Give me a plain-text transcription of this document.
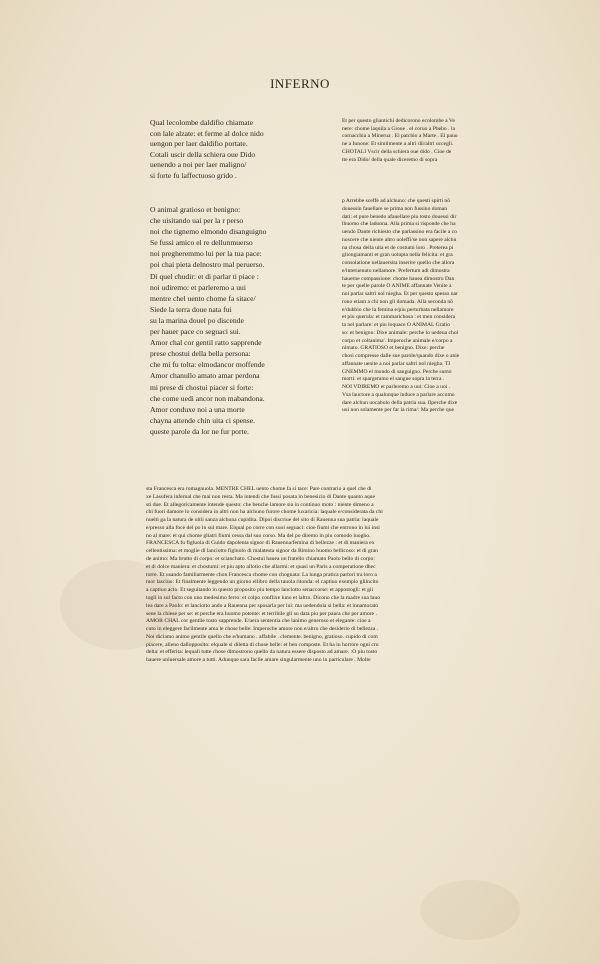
INFERNO
Qual lecolombe daldifio chiamate
con lale alzate: et ferme al dolce nido
uengon per laer daldifio portate.
Cotali uscir della schiera oue Dido
uenendo a noi per laer maligno/
si forte fu laffectuoso grido .
Et per questo gliantichi dedicorono ecolombe a Ve
nere: chome laquila a Gioue . el coruo a Phebo . la
cornacchia a Minerua . El patchio a Marte . El pauo
ne a Iunone: Et similmente a altri dii/altri uccegli.
CHOTALI Vscir della schiera oue dido . Cioe de
tte era Dido/ della quale diceremo di sopra
O animal gratioso et benigno:
che uisitando uai per la r perso
noi che tignemo elmondo disanguigno
Se fussi amico el re dellunmuerso
noi pregheremmo lui per la tua pace:
poi chai pieta delnostro mal peruerso.
Di quel chudir: et di parlar ti piace :
noi udiremo: et parleremo a uui
mentre chel uento chome fa sitace/
Siede la terra doue nata fui
su la marina douel po discende
per hauer pace co seguaci sui.
Amor chal cor gentil ratto sapprende
prese chostui della bella persona:
che mi fu tolta: elmodancor moffende
Amor chanullo amato amar perdona
mi prese di chostui piacer si forte:
che come uedi ancor non mabandona.
Amor conduxe noi a una morte
chayna attende chin uita ci spense.
queste parole da lor ne fur porte.
p Arrebbe sceffe ad alchuno: che questi spirti nõ
douessin fauellare se prima non fussino doman
dati: et pure benedo afauellare piu tosto douessi dir
lhuomo che ladonna. Alla prima si risponde che ha
uendo Dante richiesto che parlassino era facile a co
noscere che niente altro uoleffi/se non sapere alchu
na chosa della uita et de costumi loro . Preterea pi
gliongiamanti et gran uolupta nella felicita: et gra
consolatione nellauersita inserire quello che allora
e/interuenuto nellamore. Prefertum adi dimostra
hauerne compassione: chome hauea dimostro Dan
te per quelle parole O ANIME affannate Venite a
noi parlar saltri nol niegha. Et per questo spesso nar
rono etiam a chi non gli domada. Alla seconda nõ
e/dubbio che la femina e/piu perturbata nellamore
et piu querula: et rammarichosa : et men considera
ta nel parlare: et piu loquace O ANIMAL Gratio
so: et benigno: Dixe animale: perche lo uedeua chol
corpo et coltanima'. Imperoche animale e/corpo a
nimato. GRATIOSO et benigno. Dixe: perche
chosi compresse dalle sue parole/quando dixe o anie
affannate uenite a noi parlar saltri nol niegha. TI
GNEMMO el mondo di sanguigno. Perche sumo
morti: et spargemmo el sangue sopra la terra .
NOI VDIREMO et parleremo a uui: Cioe a uoi .
Vsa lauctore a qualunque induce a parlare accomo
dare alchun uocabolo della patria sua. Ilperche dixe
uui non solamente per far la rima/: Ma perche que
sta Francesca era romagnuola. MENTRE CHEL uento chome fa si tace: Pare contrario a quel che di
xe Lasufera infernal che mai non resta. Ma intendi che fussi posata in benesicio di Dante quanto aque
sti due. Et allegoricamente intende questo: che benche lamore sia in continuo moto : niente dimeno a
chi fuori damore lo considera in altri non ha alchuno furore chome luxaricia: laquale e/considerata da chi
nuelti ga la natura de uitii sanza alchuna cupidita. Dipoi discriue del sito di Rauenna sua patria: laquale
e/presso alla foce del po in sul mare. Elqual po corre con suoi seguaci: cioe fiumi che entrono in lui insi
no al mare: et qui chome gliatri fiumi cessa dal suo corso. Ma del po diremo in piu comodo luogho.
FRANCESCA fu figluola di Guido dapolenta signor di Rauenna/femina di bellezze : et di maniera ex
cellentissima: et moglie di lanciotto figluolo di malatesta signor da Rimino huomo bellicoso: et di gran
de animo: Ma brutto di corpo: et scianchato. Chostui hauea un fratello chiamato Paolo bello di corpo:
et di dolce maniera: et chostumi: et piu apto allotio che allarmi: et quasi un Paris a comperatione dhec
torre. Et usando familiarmente chon Francesca chome con chognata: La lunga pratica partori tra loro a
mor lasciuo: Et finalmente leggendo un giorno ellibro della tauola ritonda: el captiuo exemplo gliincito
a captiuo acto. Et seguitando in questo proposito piu tempo lanciotto senaccorse: et appostogli: et gii
togli in sul facto con uno medesimo ferro: et colpo conflixe luno et laltro. Dicono che la madre sua lauo
lea dare a Paolo: et lanciotto ando a Rauenna per sposarla per lui: ma uedendola si bella: et innamorato
sene la chiese per se: et perche era huomo potente: et terribile gli su data piu per paura che per amore .
AMOR CHAL cor gentile tosto sapprende. E/uera sententia che lanimo generoso et elegante: cioe a
cuto in eleggere facilmente ama le chose belle: Imperoche amore non e/altro che desiderio di bellezza .
Noi diciamo animo gentile quello che e/humano . affabile . clemente. benigno, gratioso. cupido di com
piacere, alieno dallopposito: elquale si diletta di chose belle: et ben composte. Et ha in horrore ogni cru
delta: et efferita: lequali tutte chose dimostrono quello da natura essere disposto ad amare. :O piu tosto
hauere uniuersale amore a tutti. Adunque sara facile amare singularmente uno in particulare . Molte
